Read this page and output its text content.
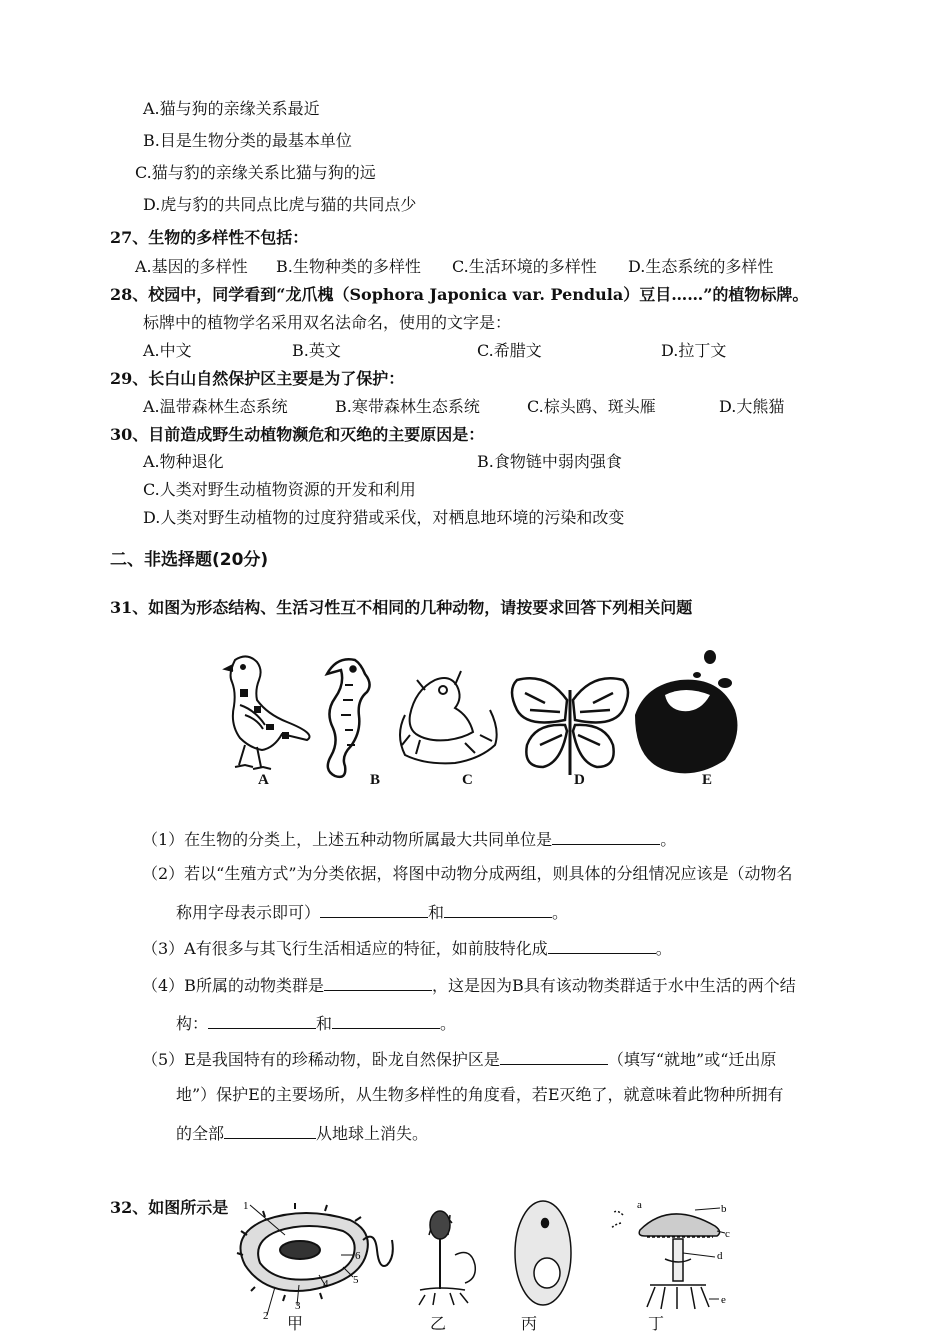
A.猫与狗的亲缘关系最近
B.目是生物分类的最基本单位
C.猫与豹的亲缘关系比猫与狗的远
D.虎与豹的共同点比虎与猫的共同点少
27、生物的多样性不包括：
A.基因的多样性 B.生物种类的多样性 C.生活环境的多样性 D.生态系统的多样性
28、校园中，同学看到“龙爪槐（Sophora Japonica var. Pendula）豆目……”的植物标牌。
标牌中的植物学名采用双名法命名，使用的文字是：
A.中文	B.英文	C.希腊文	D.拉丁文
29、长白山自然保护区主要是为了保护：
A.温带森林生态系统	B.寒带森林生态系统	C.棕头鸥、斑头雁	D.大熊猫
30、目前造成野生动植物濒危和灭绝的主要原因是：
A.物种退化	B.食物链中弱肉强食
C.人类对野生动植物资源的开发和利用
D.人类对野生动植物的过度狩猎或采伐，对栖息地环境的污染和改变
二、非选择题(20分)
31、如图为形态结构、生活习性互不相同的几种动物，请按要求回答下列相关问题
A	B	C	D	E
（1）在生物的分类上，上述五种动物所属最大共同单位是	。
（2）若以“生殖方式”为分类依据，将图中动物分成两组，则具体的分组情况应该是（动物名
称用字母表示即可）	和	。
（3）A有很多与其飞行生活相适应的特征，如前肢特化成	。
（4）B所属的动物类群是	，这是因为B具有该动物类群适于水中生活的两个结
构：	和	。
（5）E是我国特有的珍稀动物，卧龙自然保护区是	（填写“就地”或“迁出原
地”）保护E的主要场所，从生物多样性的角度看，若E灭绝了，就意味着此物种所拥有
的全部	从地球上消失。
32、如图所示是 1
2
3
4 5
6
a	b
c
d
e
甲	乙	丙	丁
